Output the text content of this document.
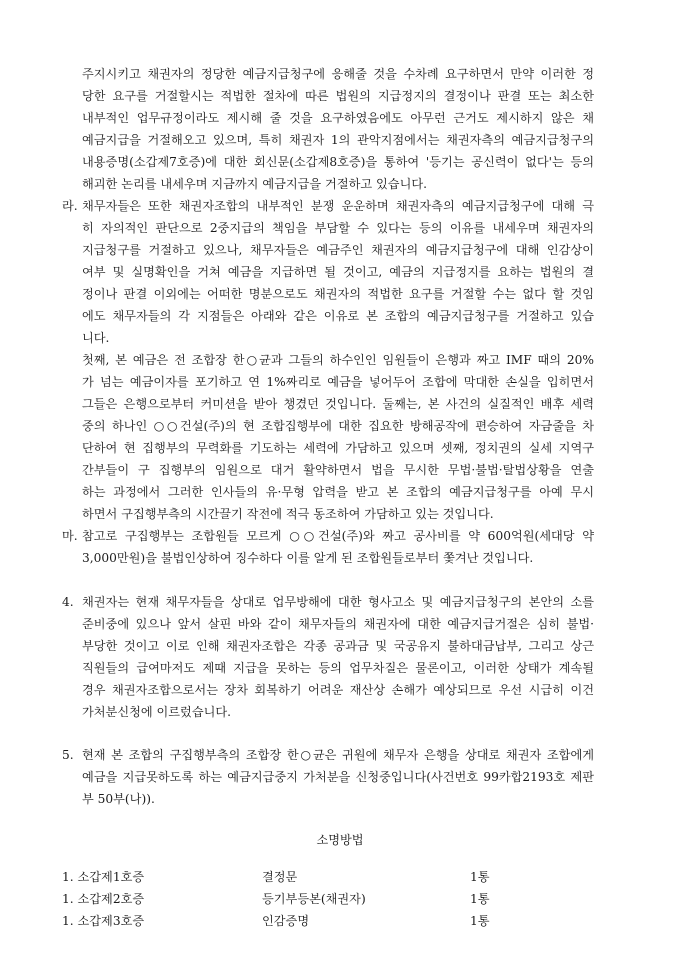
주지시키고 채권자의 정당한 예금지급청구에 응해줄 것을 수차례 요구하면서 만약 이러한 정
당한 요구를 거절할시는 적법한 절차에 따른 법원의 지급정지의 결정이나 판결 또는 최소한
내부적인 업무규정이라도 제시해 줄 것을 요구하였음에도 아무런 근거도 제시하지 않은 채
예금지급을 거절해오고 있으며, 특히 채권자 1의 관악지점에서는 채권자측의 예금지급청구의
내용증명(소갑제7호증)에 대한 회신문(소갑제8호증)을 통하여 '등기는 공신력이 없다'는 등의
해괴한 논리를 내세우며 지금까지 예금지급을 거절하고 있습니다.
라. 채무자들은 또한 채권자조합의 내부적인 분쟁 운운하며 채권자측의 예금지급청구에 대해 극
히 자의적인 판단으로 2중지급의 책임을 부담할 수 있다는 등의 이유를 내세우며 채권자의
지급청구를 거절하고 있으나, 채무자들은 예금주인 채권자의 예금지급청구에 대해 인감상이
여부 및 실명확인을 거쳐 예금을 지급하면 될 것이고, 예금의 지급정지를 요하는 법원의 결
정이나 판결 이외에는 어떠한 명분으로도 채권자의 적법한 요구를 거절할 수는 없다 할 것임
에도 채무자들의 각 지점들은 아래와 같은 이유로 본 조합의 예금지급청구를 거절하고 있습
니다.
첫째, 본 예금은 전 조합장 한○균과 그들의 하수인인 임원들이 은행과 짜고 IMF 때의 20%
가 넘는 예금이자를 포기하고 연 1%짜리로 예금을 넣어두어 조합에 막대한 손실을 입히면서
그들은 은행으로부터 커미션을 받아 챙겼던 것입니다. 둘째는, 본 사건의 실질적인 배후 세력
중의 하나인 ○○건설(주)의 현 조합집행부에 대한 집요한 방해공작에 편승하여 자금줄을 차
단하여 현 집행부의 무력화를 기도하는 세력에 가담하고 있으며 셋째, 정치권의 실세 지역구
간부들이 구 집행부의 임원으로 대거 활약하면서 법을 무시한 무법·불법·탈법상황을 연출
하는 과정에서 그러한 인사들의 유·무형 압력을 받고 본 조합의 예금지급청구를 아예 무시
하면서 구집행부측의 시간끌기 작전에 적극 동조하여 가담하고 있는 것입니다.
마. 참고로 구집행부는 조합원들 모르게 ○○건설(주)와 짜고 공사비를 약 600억원(세대당 약
3,000만원)을 불법인상하여 징수하다 이를 알게 된 조합원들로부터 쫓겨난 것입니다.
4. 채권자는 현재 채무자들을 상대로 업무방해에 대한 형사고소 및 예금지급청구의 본안의 소를
준비중에 있으나 앞서 살핀 바와 같이 채무자들의 채권자에 대한 예금지급거절은 심히 불법·
부당한 것이고 이로 인해 채권자조합은 각종 공과금 및 국공유지 불하대금납부, 그리고 상근
직원들의 급여마저도 제때 지급을 못하는 등의 업무차질은 물론이고, 이러한 상태가 계속될
경우 채권자조합으로서는 장차 회복하기 어려운 재산상 손해가 예상되므로 우선 시급히 이건
가처분신청에 이르렀습니다.
5. 현재 본 조합의 구집행부측의 조합장 한○균은 귀원에 채무자 은행을 상대로 채권자 조합에게
예금을 지급못하도록 하는 예금지급중지 가처분을 신청중입니다(사건번호 99카합2193호 제판
부 50부(나)).
소명방법
1. 소갑제1호증	결정문	1통
1. 소갑제2호증	등기부등본(채권자)	1통
1. 소갑제3호증	인감증명	1통
